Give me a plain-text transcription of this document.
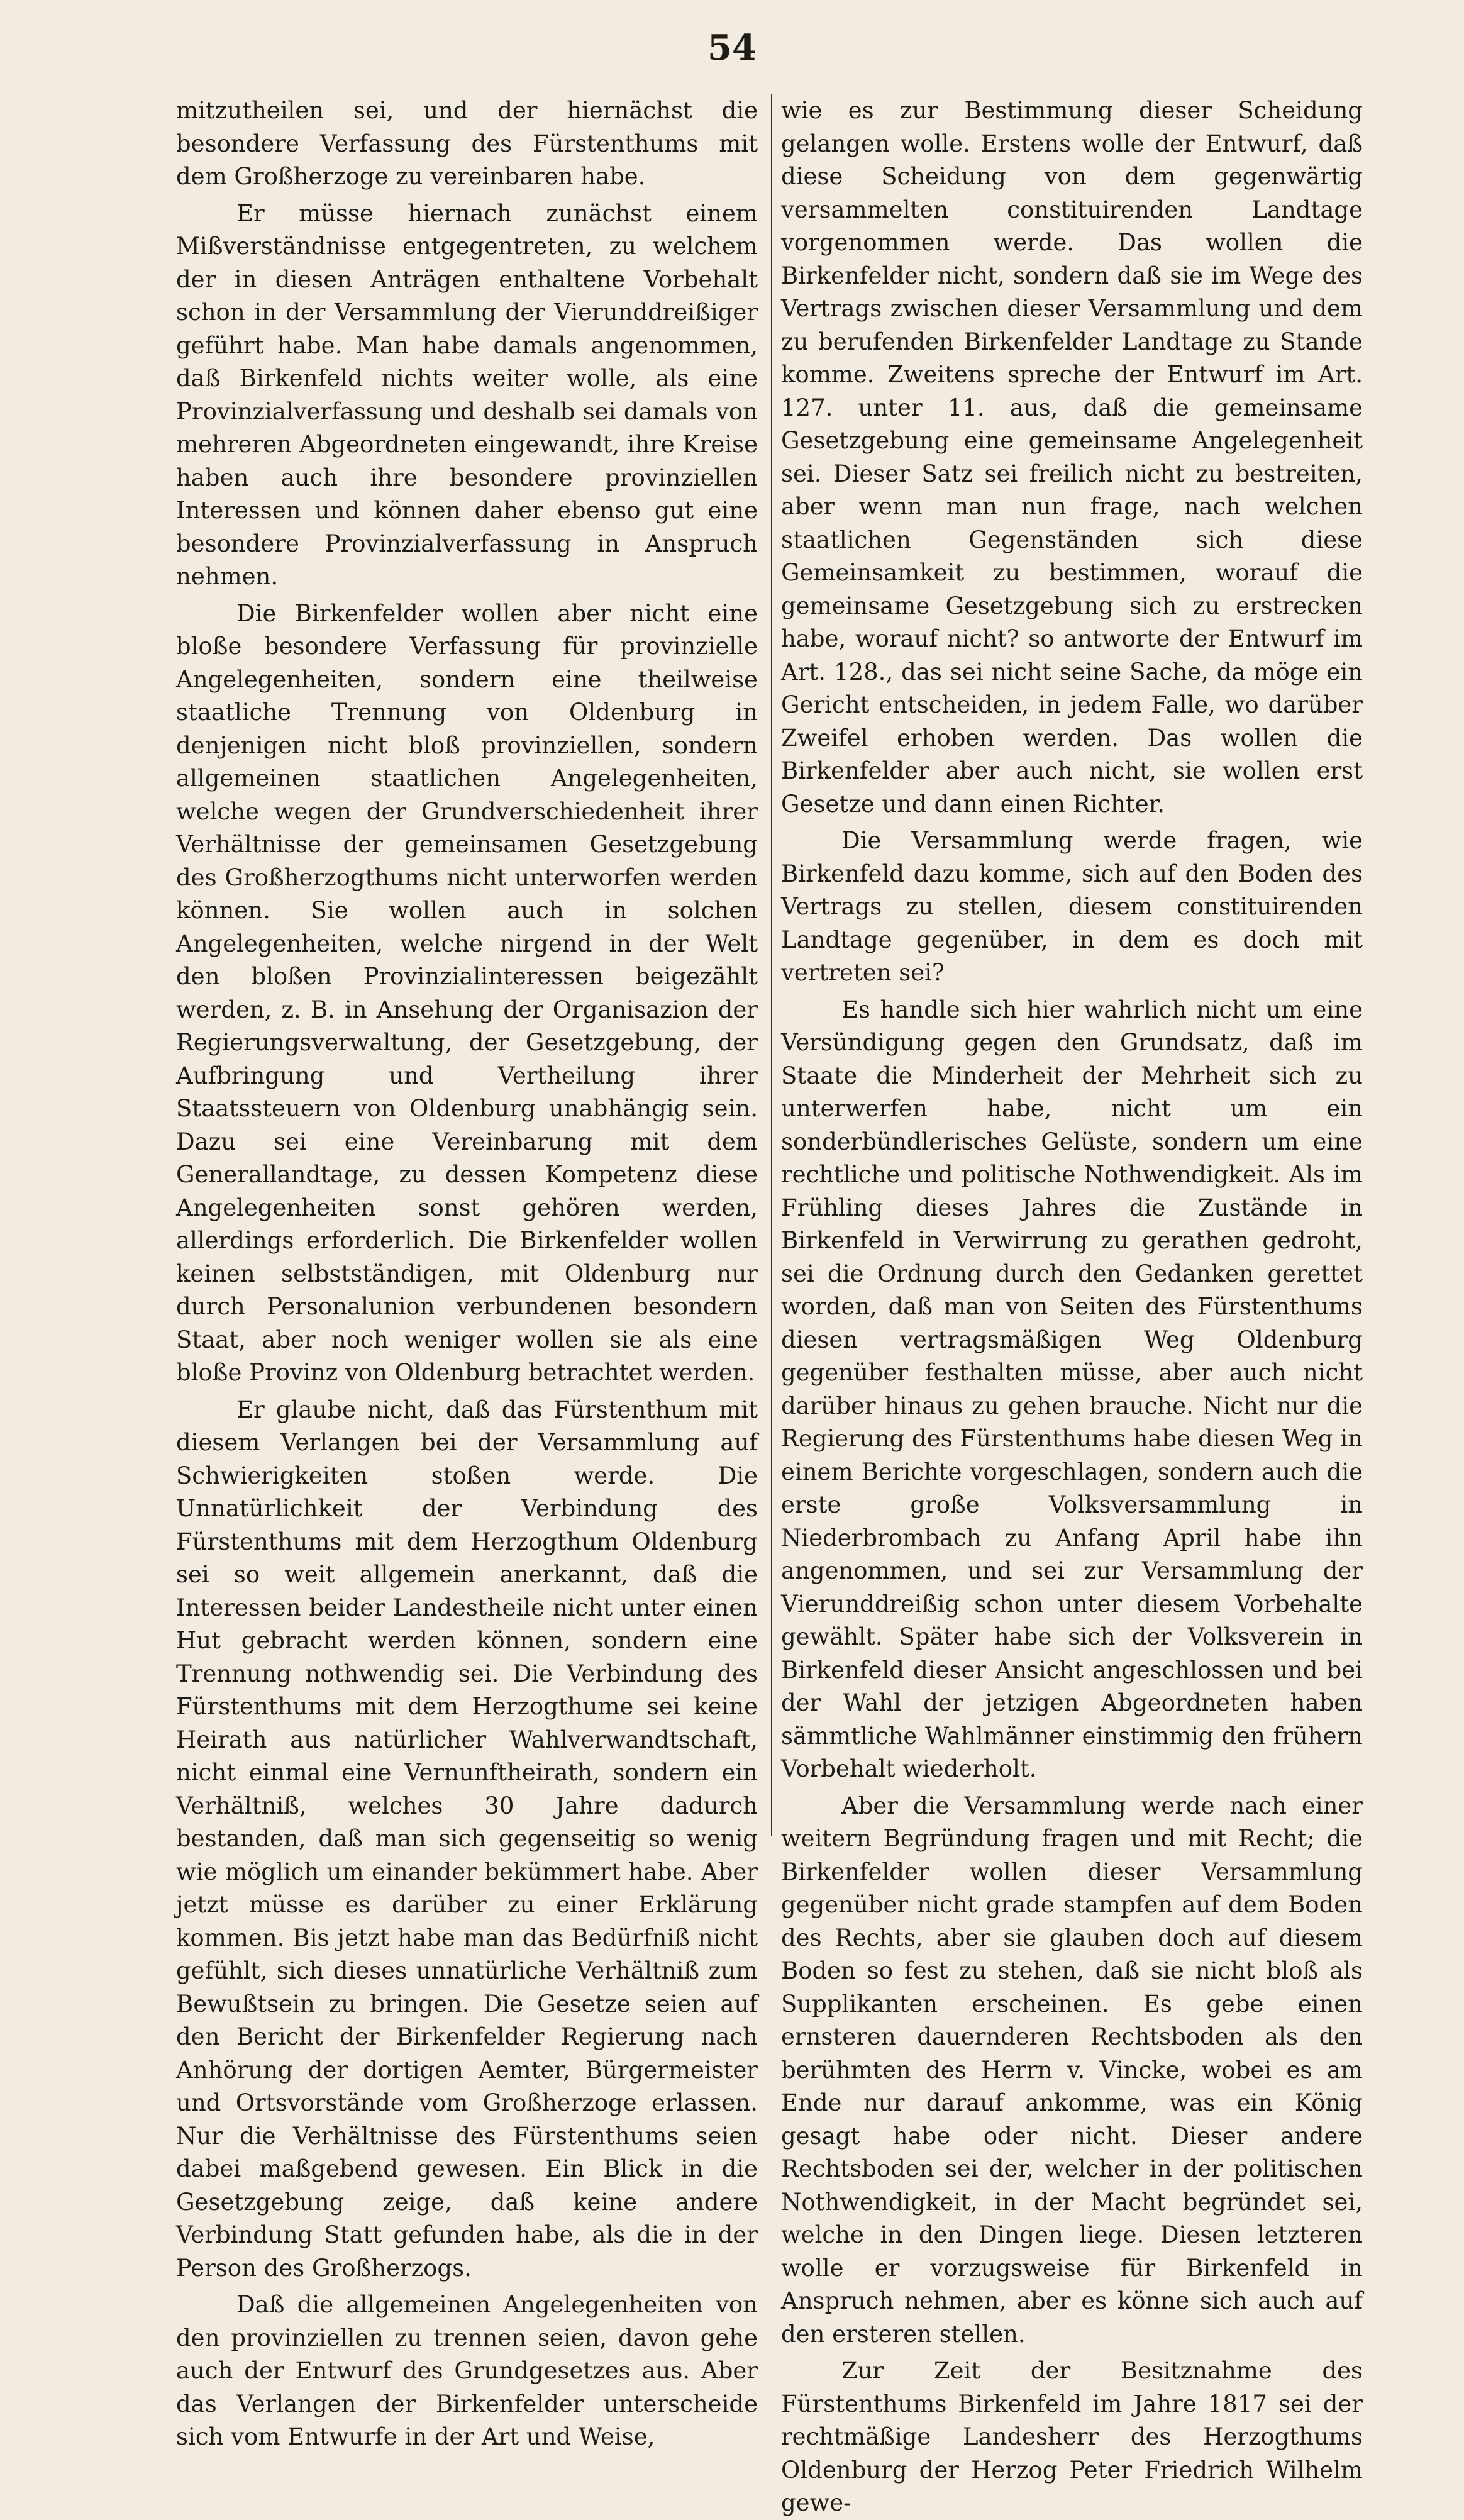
54

mitzutheilen sei, und der hiernächst die besondere Verfassung des Fürstenthums mit dem Großherzoge zu vereinbaren habe.

Er müsse hiernach zunächst einem Mißverständnisse entgegentreten, zu welchem der in diesen Anträgen enthaltene Vorbehalt schon in der Versammlung der Vierunddreißiger geführt habe. Man habe damals angenommen, daß Birkenfeld nichts weiter wolle, als eine Provinzialverfassung und deshalb sei damals von mehreren Abgeordneten eingewandt, ihre Kreise haben auch ihre besondere provinziellen Interessen und können daher ebenso gut eine besondere Provinzialverfassung in Anspruch nehmen.

Die Birkenfelder wollen aber nicht eine bloße besondere Verfassung für provinzielle Angelegenheiten, sondern eine theilweise staatliche Trennung von Oldenburg in denjenigen nicht bloß provinziellen, sondern allgemeinen staatlichen Angelegenheiten, welche wegen der Grundverschiedenheit ihrer Verhältnisse der gemeinsamen Gesetzgebung des Großherzogthums nicht unterworfen werden können. Sie wollen auch in solchen Angelegenheiten, welche nirgend in der Welt den bloßen Provinzialinteressen beigezählt werden, z. B. in Ansehung der Organisazion der Regierungsverwaltung, der Gesetzgebung, der Aufbringung und Vertheilung ihrer Staatssteuern von Oldenburg unabhängig sein. Dazu sei eine Vereinbarung mit dem Generallandtage, zu dessen Kompetenz diese Angelegenheiten sonst gehören werden, allerdings erforderlich. Die Birkenfelder wollen keinen selbstständigen, mit Oldenburg nur durch Personalunion verbundenen besondern Staat, aber noch weniger wollen sie als eine bloße Provinz von Oldenburg betrachtet werden.

Er glaube nicht, daß das Fürstenthum mit diesem Verlangen bei der Versammlung auf Schwierigkeiten stoßen werde. Die Unnatürlichkeit der Verbindung des Fürstenthums mit dem Herzogthum Oldenburg sei so weit allgemein anerkannt, daß die Interessen beider Landestheile nicht unter einen Hut gebracht werden können, sondern eine Trennung nothwendig sei. Die Verbindung des Fürstenthums mit dem Herzogthume sei keine Heirath aus natürlicher Wahlverwandtschaft, nicht einmal eine Vernunftheirath, sondern ein Verhältniß, welches 30 Jahre dadurch bestanden, daß man sich gegenseitig so wenig wie möglich um einander bekümmert habe. Aber jetzt müsse es darüber zu einer Erklärung kommen. Bis jetzt habe man das Bedürfniß nicht gefühlt, sich dieses unnatürliche Verhältniß zum Bewußtsein zu bringen. Die Gesetze seien auf den Bericht der Birkenfelder Regierung nach Anhörung der dortigen Aemter, Bürgermeister und Ortsvorstände vom Großherzoge erlassen. Nur die Verhältnisse des Fürstenthums seien dabei maßgebend gewesen. Ein Blick in die Gesetzgebung zeige, daß keine andere Verbindung Statt gefunden habe, als die in der Person des Großherzogs.

Daß die allgemeinen Angelegenheiten von den provinziellen zu trennen seien, davon gehe auch der Entwurf des Grundgesetzes aus. Aber das Verlangen der Birkenfelder unterscheide sich vom Entwurfe in der Art und Weise,

wie es zur Bestimmung dieser Scheidung gelangen wolle. Erstens wolle der Entwurf, daß diese Scheidung von dem gegenwärtig versammelten constituirenden Landtage vorgenommen werde. Das wollen die Birkenfelder nicht, sondern daß sie im Wege des Vertrags zwischen dieser Versammlung und dem zu berufenden Birkenfelder Landtage zu Stande komme. Zweitens spreche der Entwurf im Art. 127. unter 11. aus, daß die gemeinsame Gesetzgebung eine gemeinsame Angelegenheit sei. Dieser Satz sei freilich nicht zu bestreiten, aber wenn man nun frage, nach welchen staatlichen Gegenständen sich diese Gemeinsamkeit zu bestimmen, worauf die gemeinsame Gesetzgebung sich zu erstrecken habe, worauf nicht? so antworte der Entwurf im Art. 128., das sei nicht seine Sache, da möge ein Gericht entscheiden, in jedem Falle, wo darüber Zweifel erhoben werden. Das wollen die Birkenfelder aber auch nicht, sie wollen erst Gesetze und dann einen Richter.

Die Versammlung werde fragen, wie Birkenfeld dazu komme, sich auf den Boden des Vertrags zu stellen, diesem constituirenden Landtage gegenüber, in dem es doch mit vertreten sei?

Es handle sich hier wahrlich nicht um eine Versündigung gegen den Grundsatz, daß im Staate die Minderheit der Mehrheit sich zu unterwerfen habe, nicht um ein sonderbündlerisches Gelüste, sondern um eine rechtliche und politische Nothwendigkeit. Als im Frühling dieses Jahres die Zustände in Birkenfeld in Verwirrung zu gerathen gedroht, sei die Ordnung durch den Gedanken gerettet worden, daß man von Seiten des Fürstenthums diesen vertragsmäßigen Weg Oldenburg gegenüber festhalten müsse, aber auch nicht darüber hinaus zu gehen brauche. Nicht nur die Regierung des Fürstenthums habe diesen Weg in einem Berichte vorgeschlagen, sondern auch die erste große Volksversammlung in Niederbrombach zu Anfang April habe ihn angenommen, und sei zur Versammlung der Vierunddreißig schon unter diesem Vorbehalte gewählt. Später habe sich der Volksverein in Birkenfeld dieser Ansicht angeschlossen und bei der Wahl der jetzigen Abgeordneten haben sämmtliche Wahlmänner einstimmig den frühern Vorbehalt wiederholt.

Aber die Versammlung werde nach einer weitern Begründung fragen und mit Recht; die Birkenfelder wollen dieser Versammlung gegenüber nicht grade stampfen auf dem Boden des Rechts, aber sie glauben doch auf diesem Boden so fest zu stehen, daß sie nicht bloß als Supplikanten erscheinen. Es gebe einen ernsteren dauernderen Rechtsboden als den berühmten des Herrn v. Vincke, wobei es am Ende nur darauf ankomme, was ein König gesagt habe oder nicht. Dieser andere Rechtsboden sei der, welcher in der politischen Nothwendigkeit, in der Macht begründet sei, welche in den Dingen liege. Diesen letzteren wolle er vorzugsweise für Birkenfeld in Anspruch nehmen, aber es könne sich auch auf den ersteren stellen.

Zur Zeit der Besitznahme des Fürstenthums Birkenfeld im Jahre 1817 sei der rechtmäßige Landesherr des Herzogthums Oldenburg der Herzog Peter Friedrich Wilhelm gewe-
